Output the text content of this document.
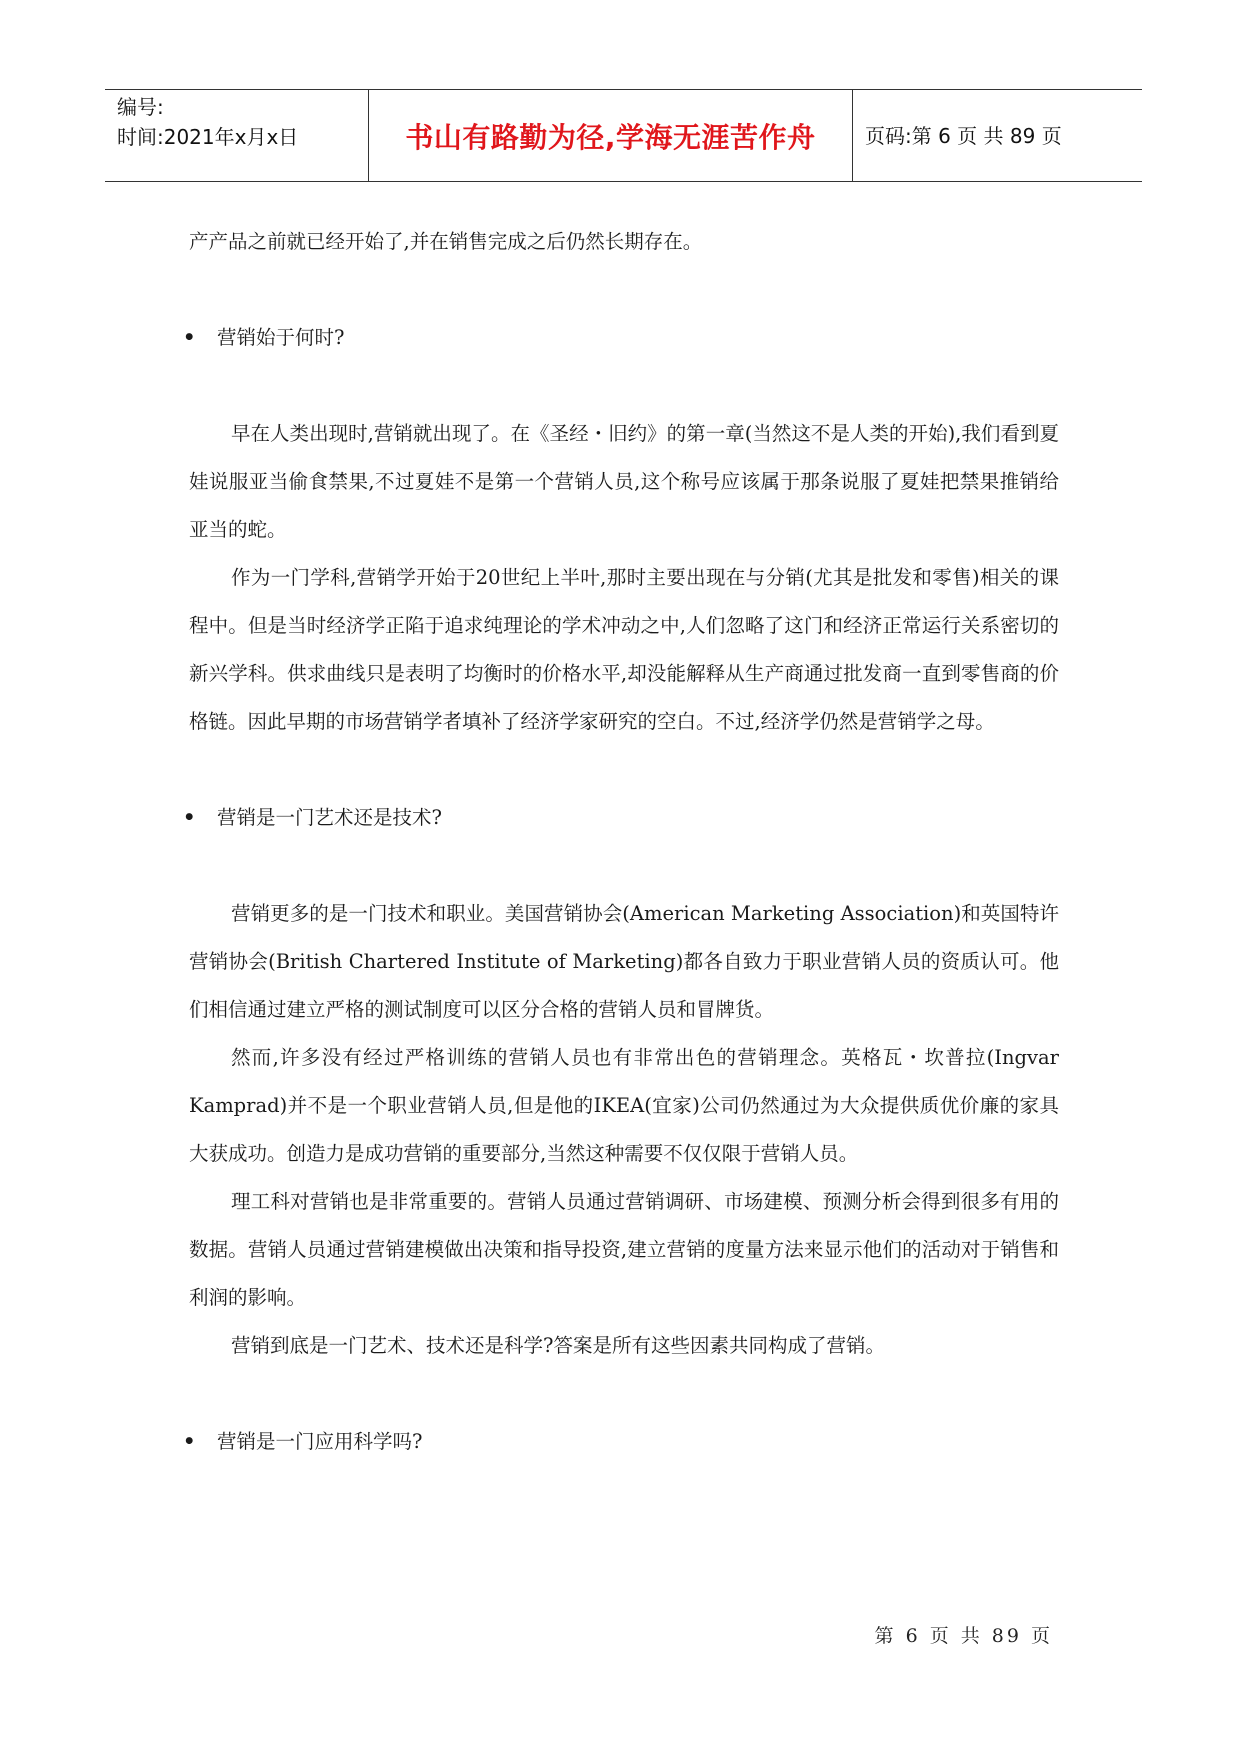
编号:
时间:2021年x月x日	书山有路勤为径,学海无涯苦作舟	页码:第 6 页 共 89 页

产产品之前就已经开始了,并在销售完成之后仍然长期存在。

• 营销始于何时?

早在人类出现时,营销就出现了。在《圣经・旧约》的第一章(当然这不是人类的开始),我们看到夏娃说服亚当偷食禁果,不过夏娃不是第一个营销人员,这个称号应该属于那条说服了夏娃把禁果推销给亚当的蛇。

作为一门学科,营销学开始于20世纪上半叶,那时主要出现在与分销(尤其是批发和零售)相关的课程中。但是当时经济学正陷于追求纯理论的学术冲动之中,人们忽略了这门和经济正常运行关系密切的新兴学科。供求曲线只是表明了均衡时的价格水平,却没能解释从生产商通过批发商一直到零售商的价格链。因此早期的市场营销学者填补了经济学家研究的空白。不过,经济学仍然是营销学之母。

• 营销是一门艺术还是技术?

营销更多的是一门技术和职业。美国营销协会(American Marketing Association)和英国特许营销协会(British Chartered Institute of Marketing)都各自致力于职业营销人员的资质认可。他们相信通过建立严格的测试制度可以区分合格的营销人员和冒牌货。

然而,许多没有经过严格训练的营销人员也有非常出色的营销理念。英格瓦・坎普拉(Ingvar Kamprad)并不是一个职业营销人员,但是他的IKEA(宜家)公司仍然通过为大众提供质优价廉的家具大获成功。创造力是成功营销的重要部分,当然这种需要不仅仅限于营销人员。

理工科对营销也是非常重要的。营销人员通过营销调研、市场建模、预测分析会得到很多有用的数据。营销人员通过营销建模做出决策和指导投资,建立营销的度量方法来显示他们的活动对于销售和利润的影响。

营销到底是一门艺术、技术还是科学?答案是所有这些因素共同构成了营销。

• 营销是一门应用科学吗?

第 6 页 共 89 页
